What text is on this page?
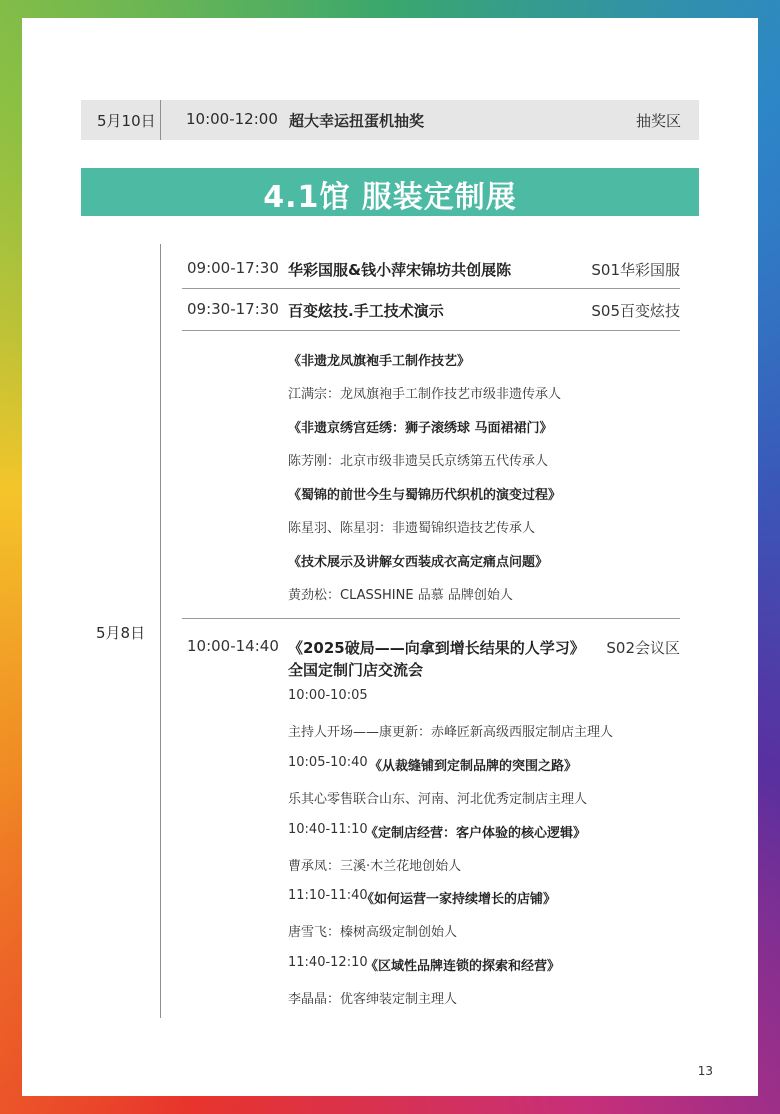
5月10日 10:00-12:00 超大幸运扭蛋机抽奖	抽奖区
4.1馆 服装定制展
5月8日
09:00-17:30 华彩国服&钱小萍宋锦坊共创展陈	S01华彩国服
09:30-17:30 百变炫技.手工技术演示	S05百变炫技
《非遗龙凤旗袍手工制作技艺》
江满宗：龙凤旗袍手工制作技艺市级非遗传承人
《非遗京绣宫廷绣：狮子滚绣球 马面裙裙门》
陈芳刚：北京市级非遗吴氏京绣第五代传承人
《蜀锦的前世今生与蜀锦历代织机的演变过程》
陈星羽、陈星羽：非遗蜀锦织造技艺传承人
《技术展示及讲解女西装成衣高定痛点问题》
黄劲松：CLASSHINE 品慕 品牌创始人
10:00-14:40 《2025破局——向拿到增长结果的人学习》
全国定制门店交流会
S02会议区
10:00-10:05
主持人开场——康更新：赤峰匠新高级西服定制店主理人
10:05-10:40 《从裁缝铺到定制品牌的突围之路》
乐其心零售联合山东、河南、河北优秀定制店主理人
10:40-11:10
《定制店经营：客户体验的核心逻辑》
曹承凤：三溪·木兰花地创始人
11:10-11:40
《如何运营一家持续增长的店铺》
唐雪飞：榛树高级定制创始人
11:40-12:10
《区域性品牌连锁的探索和经营》
李晶晶：优客绅装定制主理人
13
